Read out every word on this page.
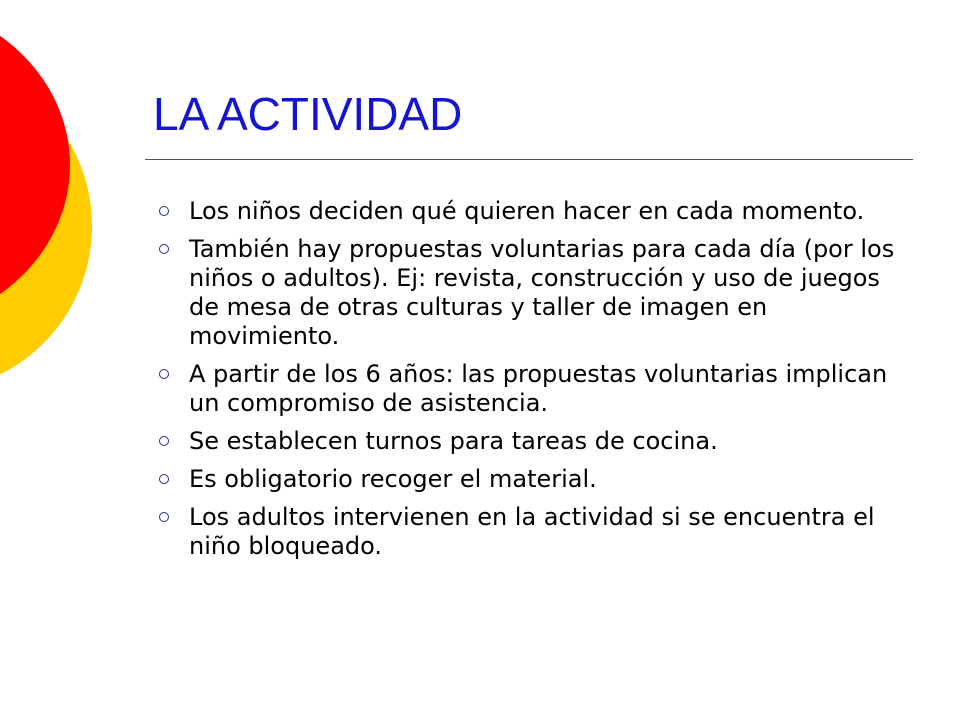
LA ACTIVIDAD
Los niños deciden qué quieren hacer en cada momento.
También hay propuestas voluntarias para cada día (por los niños o adultos). Ej: revista, construcción y uso de juegos de mesa de otras culturas y taller de imagen en movimiento.
A partir de los 6 años: las propuestas voluntarias implican un compromiso de asistencia.
Se establecen turnos para tareas de cocina.
Es obligatorio recoger el material.
Los adultos intervienen en la actividad si se encuentra el niño bloqueado.
